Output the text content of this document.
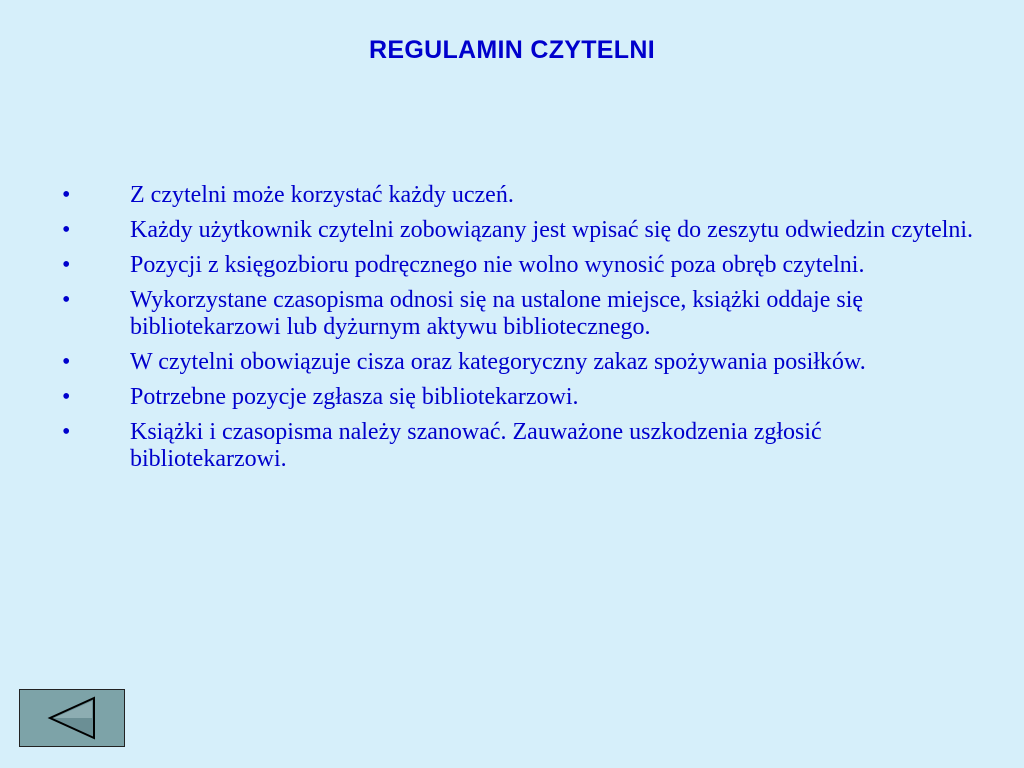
REGULAMIN CZYTELNI
• Z czytelni może korzystać każdy uczeń.
• Każdy użytkownik czytelni zobowiązany jest wpisać się do zeszytu odwiedzin czytelni.
• Pozycji z księgozbioru podręcznego nie wolno wynosić poza obręb czytelni.
• Wykorzystane czasopisma odnosi się na ustalone miejsce, książki oddaje się bibliotekarzowi lub dyżurnym aktywu bibliotecznego.
• W czytelni obowiązuje cisza oraz kategoryczny zakaz spożywania posiłków.
• Potrzebne pozycje zgłasza się bibliotekarzowi.
• Książki i czasopisma należy szanować. Zauważone uszkodzenia zgłosić bibliotekarzowi.
